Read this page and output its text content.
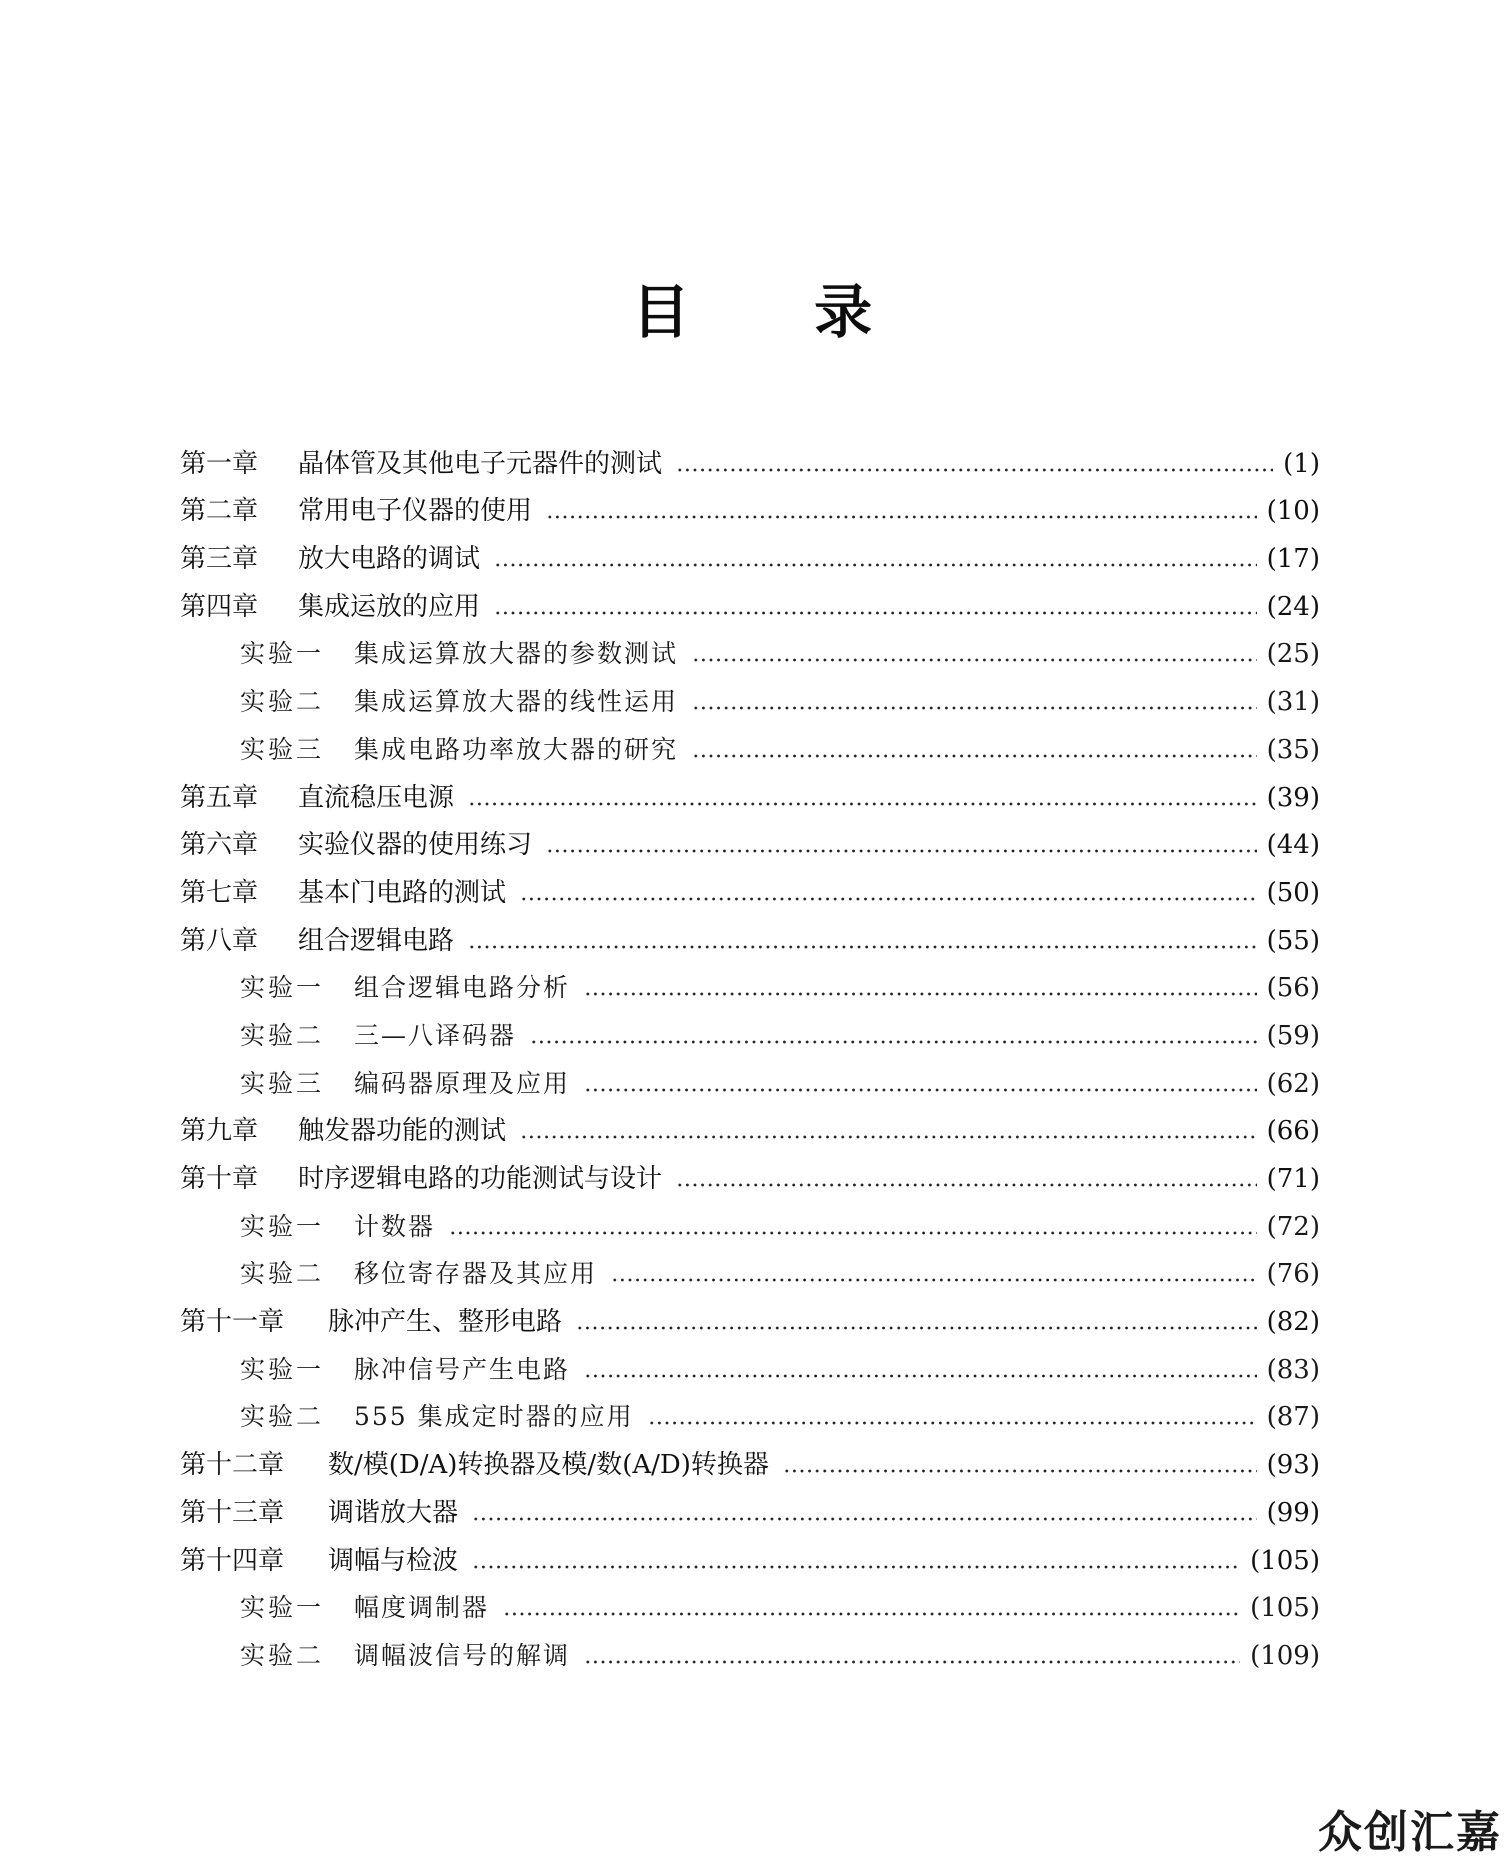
目 录
第一章	晶体管及其他电子元器件的测试	(1)
第二章	常用电子仪器的使用	(10)
第三章	放大电路的调试	(17)
第四章	集成运放的应用	(24)
实验一	集成运算放大器的参数测试	(25)
实验二	集成运算放大器的线性运用	(31)
实验三	集成电路功率放大器的研究	(35)
第五章	直流稳压电源	(39)
第六章	实验仪器的使用练习	(44)
第七章	基本门电路的测试	(50)
第八章	组合逻辑电路	(55)
实验一	组合逻辑电路分析	(56)
实验二	三—八译码器	(59)
实验三	编码器原理及应用	(62)
第九章	触发器功能的测试	(66)
第十章	时序逻辑电路的功能测试与设计	(71)
实验一	计数器	(72)
实验二	移位寄存器及其应用	(76)
第十一章	脉冲产生、整形电路	(82)
实验一	脉冲信号产生电路	(83)
实验二	555 集成定时器的应用	(87)
第十二章	数/模(D/A)转换器及模/数(A/D)转换器	(93)
第十三章	调谐放大器	(99)
第十四章	调幅与检波	(105)
实验一	幅度调制器	(105)
实验二	调幅波信号的解调	(109)
众创汇嘉
